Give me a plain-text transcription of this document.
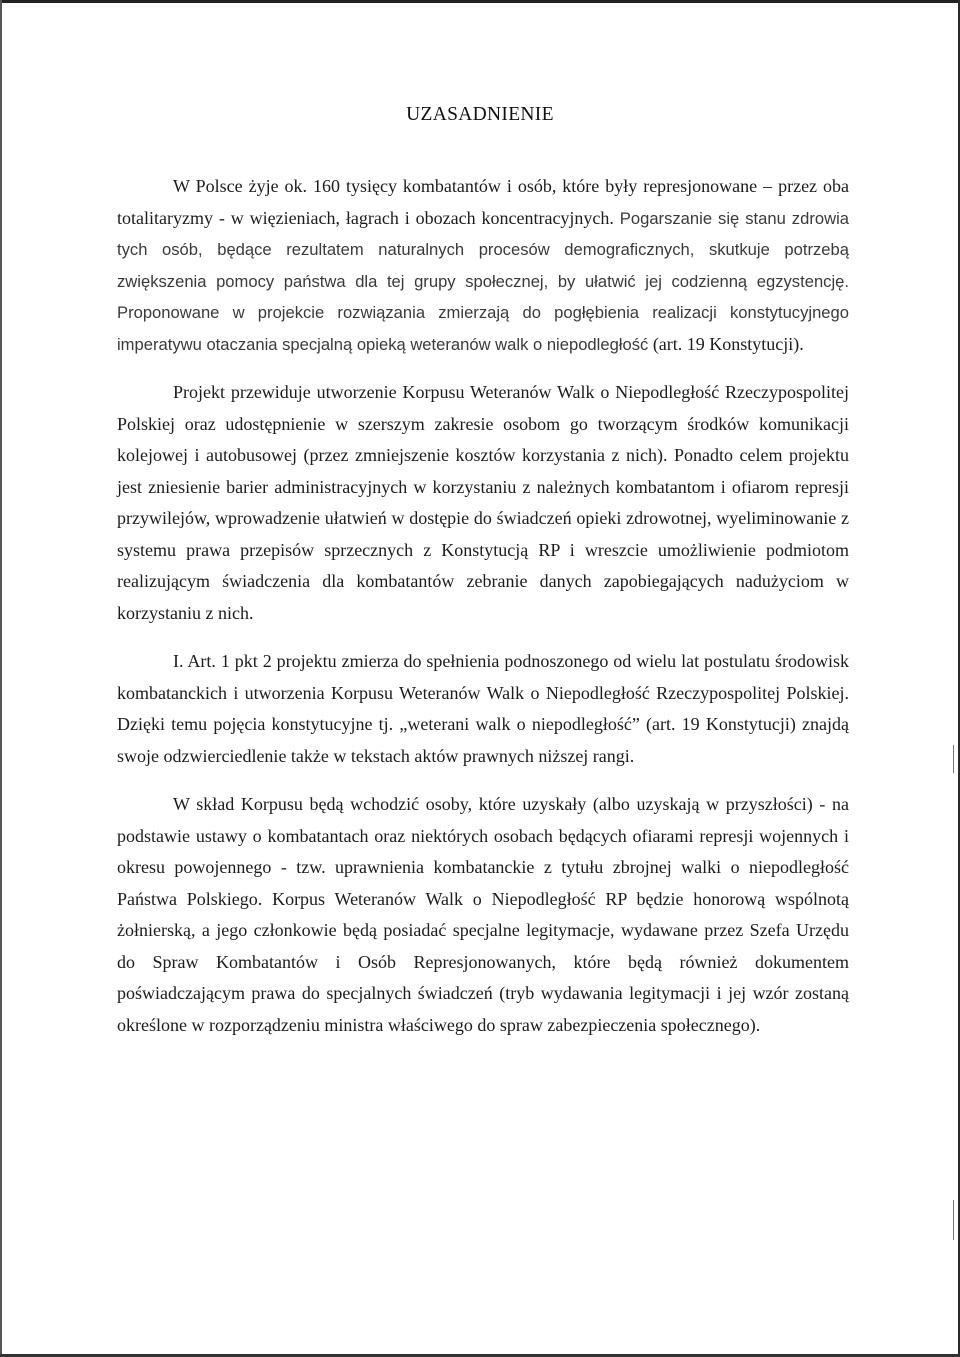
UZASADNIENIE

W Polsce żyje ok. 160 tysięcy kombatantów i osób, które były represjonowane – przez oba totalitaryzmy - w więzieniach, łagrach i obozach koncentracyjnych. Pogarszanie się stanu zdrowia tych osób, będące rezultatem naturalnych procesów demograficznych, skutkuje potrzebą zwiększenia pomocy państwa dla tej grupy społecznej, by ułatwić jej codzienną egzystencję. Proponowane w projekcie rozwiązania zmierzają do pogłębienia realizacji konstytucyjnego imperatywu otaczania specjalną opieką weteranów walk o niepodległość (art. 19 Konstytucji).

Projekt przewiduje utworzenie Korpusu Weteranów Walk o Niepodległość Rzeczypospolitej Polskiej oraz udostępnienie w szerszym zakresie osobom go tworzącym środków komunikacji kolejowej i autobusowej (przez zmniejszenie kosztów korzystania z nich). Ponadto celem projektu jest zniesienie barier administracyjnych w korzystaniu z należnych kombatantom i ofiarom represji przywilejów, wprowadzenie ułatwień w dostępie do świadczeń opieki zdrowotnej, wyeliminowanie z systemu prawa przepisów sprzecznych z Konstytucją RP i wreszcie umożliwienie podmiotom realizującym świadczenia dla kombatantów zebranie danych zapobiegających nadużyciom w korzystaniu z nich.

I. Art. 1 pkt 2 projektu zmierza do spełnienia podnoszonego od wielu lat postulatu środowisk kombatanckich i utworzenia Korpusu Weteranów Walk o Niepodległość Rzeczypospolitej Polskiej. Dzięki temu pojęcia konstytucyjne tj. „weterani walk o niepodległość” (art. 19 Konstytucji) znajdą swoje odzwierciedlenie także w tekstach aktów prawnych niższej rangi.

W skład Korpusu będą wchodzić osoby, które uzyskały (albo uzyskają w przyszłości) - na podstawie ustawy o kombatantach oraz niektórych osobach będących ofiarami represji wojennych i okresu powojennego - tzw. uprawnienia kombatanckie z tytułu zbrojnej walki o niepodległość Państwa Polskiego. Korpus Weteranów Walk o Niepodległość RP będzie honorową wspólnotą żołnierską, a jego członkowie będą posiadać specjalne legitymacje, wydawane przez Szefa Urzędu do Spraw Kombatantów i Osób Represjonowanych, które będą również dokumentem poświadczającym prawa do specjalnych świadczeń (tryb wydawania legitymacji i jej wzór zostaną określone w rozporządzeniu ministra właściwego do spraw zabezpieczenia społecznego).
